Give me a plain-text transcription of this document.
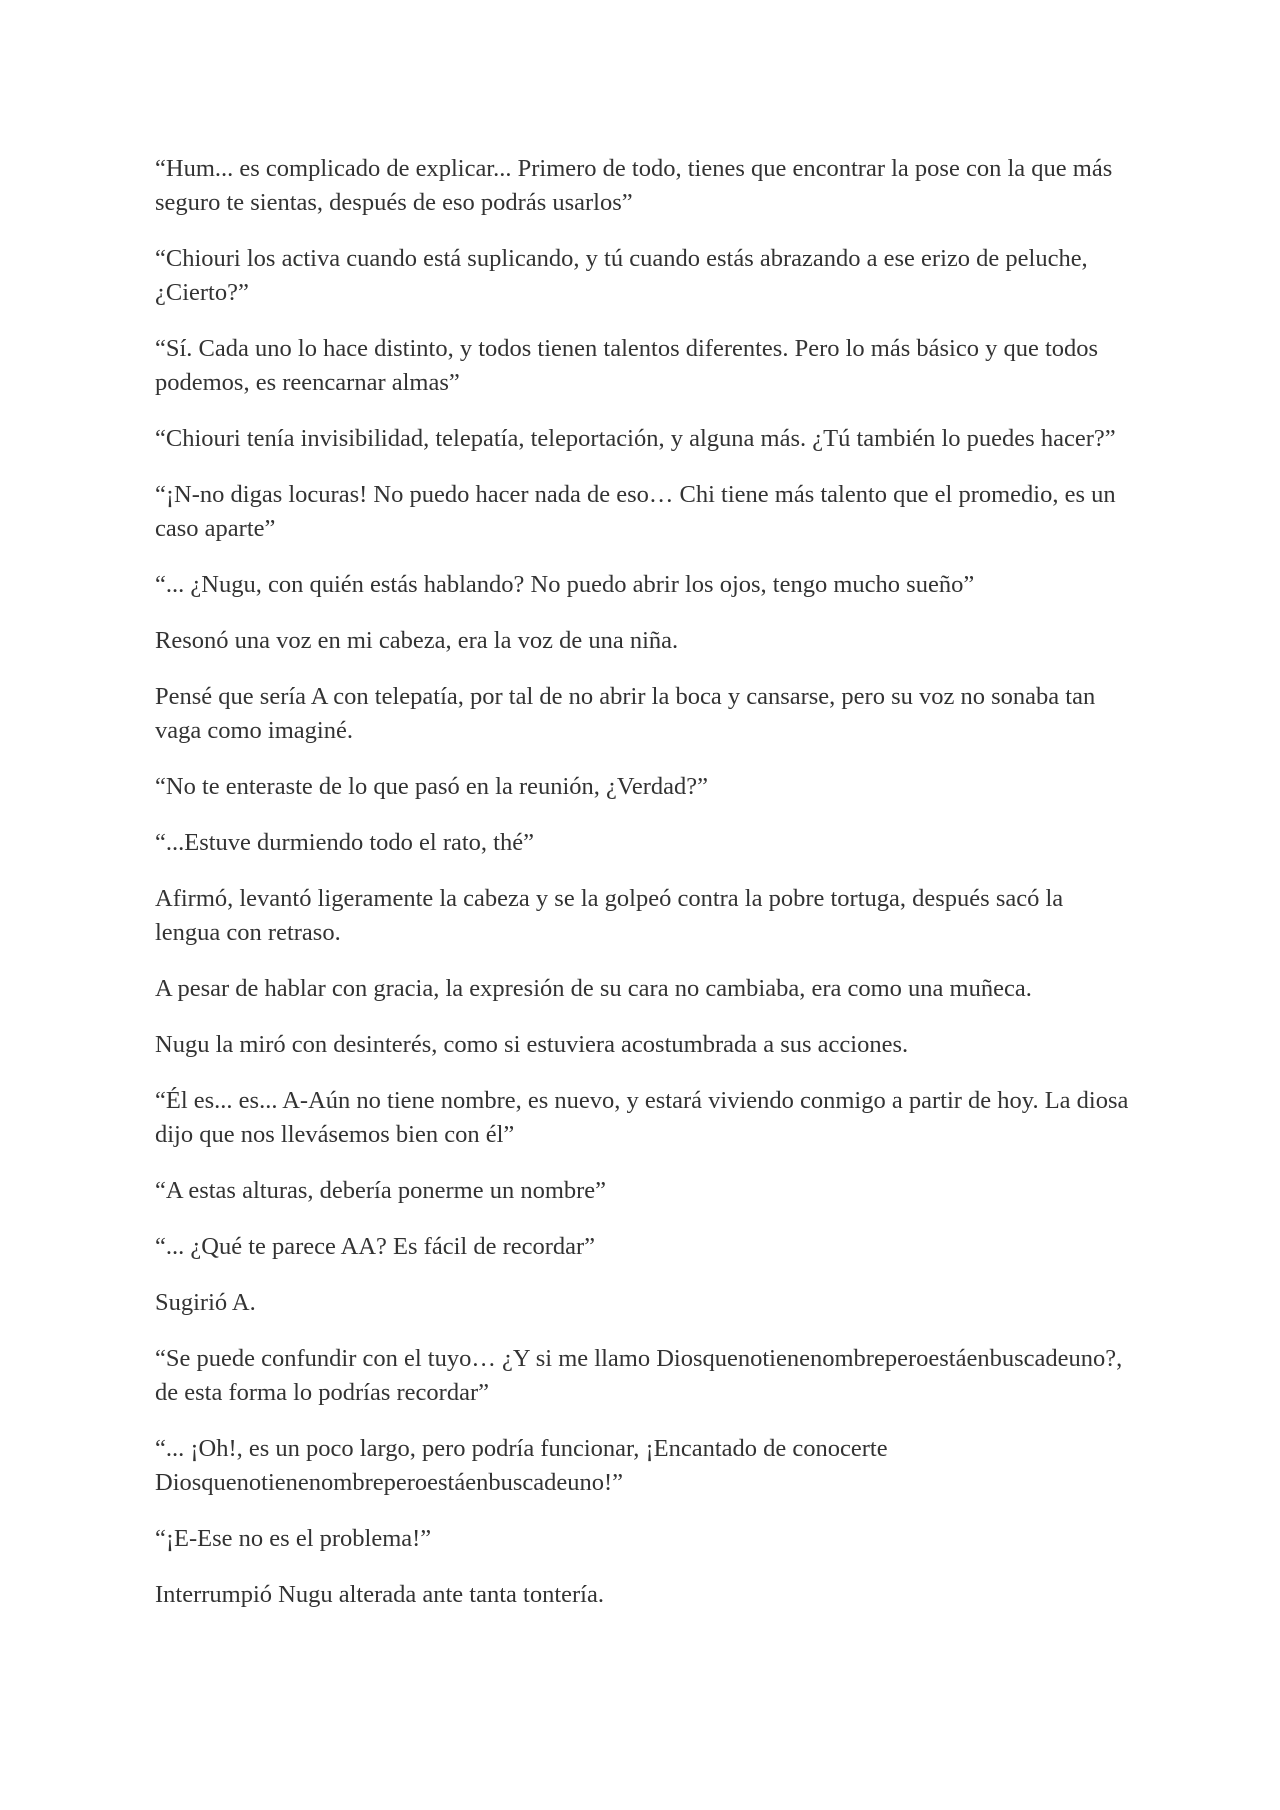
“Hum... es complicado de explicar... Primero de todo, tienes que encontrar la pose con la que más seguro te sientas, después de eso podrás usarlos”

“Chiouri los activa cuando está suplicando, y tú cuando estás abrazando a ese erizo de peluche, ¿Cierto?”

“Sí. Cada uno lo hace distinto, y todos tienen talentos diferentes. Pero lo más básico y que todos podemos, es reencarnar almas”

“Chiouri tenía invisibilidad, telepatía, teleportación, y alguna más. ¿Tú también lo puedes hacer?”

“¡N-no digas locuras! No puedo hacer nada de eso… Chi tiene más talento que el promedio, es un caso aparte”

“... ¿Nugu, con quién estás hablando? No puedo abrir los ojos, tengo mucho sueño”

Resonó una voz en mi cabeza, era la voz de una niña.

Pensé que sería A con telepatía, por tal de no abrir la boca y cansarse, pero su voz no sonaba tan vaga como imaginé.

“No te enteraste de lo que pasó en la reunión, ¿Verdad?”

“...Estuve durmiendo todo el rato, thé”

Afirmó, levantó ligeramente la cabeza y se la golpeó contra la pobre tortuga, después sacó la lengua con retraso.

A pesar de hablar con gracia, la expresión de su cara no cambiaba, era como una muñeca.

Nugu la miró con desinterés, como si estuviera acostumbrada a sus acciones.

“Él es... es... A-Aún no tiene nombre, es nuevo, y estará viviendo conmigo a partir de hoy. La diosa dijo que nos llevásemos bien con él”

“A estas alturas, debería ponerme un nombre”

“... ¿Qué te parece AA? Es fácil de recordar”

Sugirió A.

“Se puede confundir con el tuyo… ¿Y si me llamo Diosquenotienenombreperoestáenbuscadeuno?, de esta forma lo podrías recordar”

“... ¡Oh!, es un poco largo, pero podría funcionar, ¡Encantado de conocerte Diosquenotienenombreperoestáenbuscadeuno!”

“¡E-Ese no es el problema!”

Interrumpió Nugu alterada ante tanta tontería.
